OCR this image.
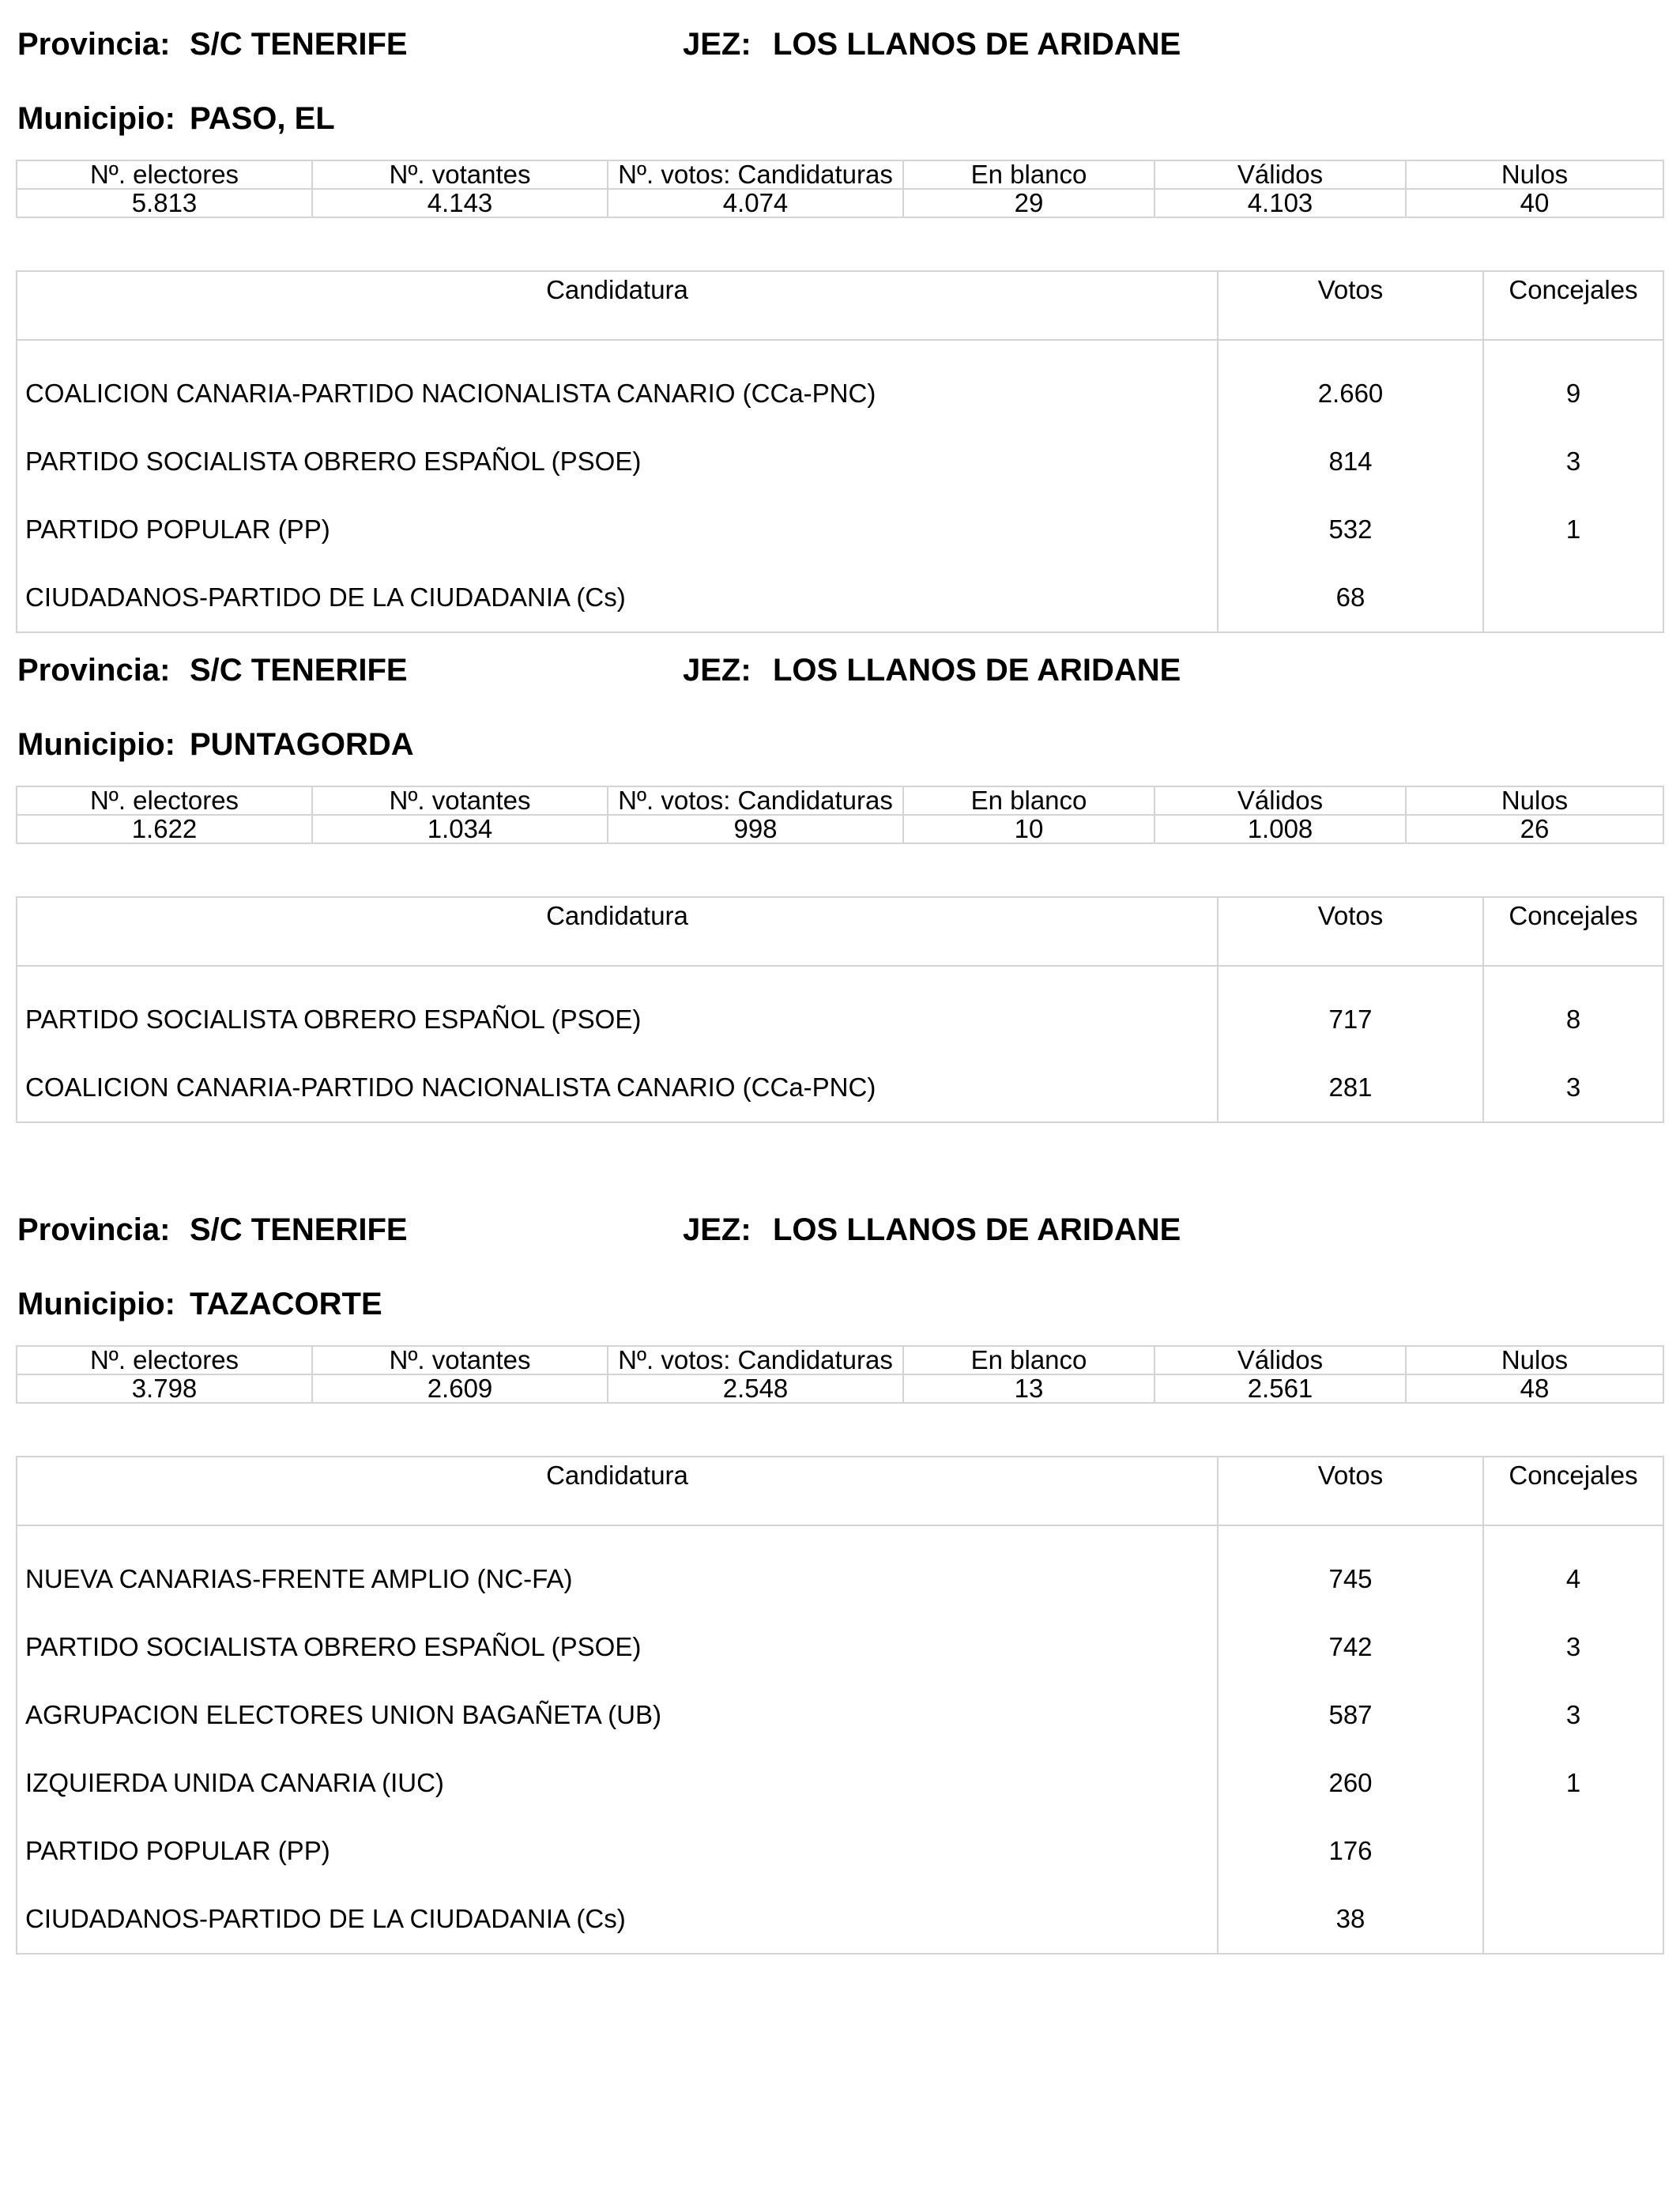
Provincia: S/C TENERIFE	JEZ: LOS LLANOS DE ARIDANE
Municipio: PASO, EL
Nº. electores	Nº. votantes	Nº. votos: Candidaturas	En blanco	Válidos	Nulos
5.813	4.143	4.074	29	4.103	40
Candidatura	Votos	Concejales
COALICION CANARIA-PARTIDO NACIONALISTA CANARIO (CCa-PNC)	2.660	9
PARTIDO SOCIALISTA OBRERO ESPAÑOL (PSOE)	814	3
PARTIDO POPULAR (PP)	532	1
CIUDADANOS-PARTIDO DE LA CIUDADANIA (Cs)	68	
Provincia: S/C TENERIFE	JEZ: LOS LLANOS DE ARIDANE
Municipio: PUNTAGORDA
Nº. electores	Nº. votantes	Nº. votos: Candidaturas	En blanco	Válidos	Nulos
1.622	1.034	998	10	1.008	26
Candidatura	Votos	Concejales
PARTIDO SOCIALISTA OBRERO ESPAÑOL (PSOE)	717	8
COALICION CANARIA-PARTIDO NACIONALISTA CANARIO (CCa-PNC)	281	3
Provincia: S/C TENERIFE	JEZ: LOS LLANOS DE ARIDANE
Municipio: TAZACORTE
Nº. electores	Nº. votantes	Nº. votos: Candidaturas	En blanco	Válidos	Nulos
3.798	2.609	2.548	13	2.561	48
Candidatura	Votos	Concejales
NUEVA CANARIAS-FRENTE AMPLIO (NC-FA)	745	4
PARTIDO SOCIALISTA OBRERO ESPAÑOL (PSOE)	742	3
AGRUPACION ELECTORES UNION BAGAÑETA (UB)	587	3
IZQUIERDA UNIDA CANARIA (IUC)	260	1
PARTIDO POPULAR (PP)	176	
CIUDADANOS-PARTIDO DE LA CIUDADANIA (Cs)	38	
